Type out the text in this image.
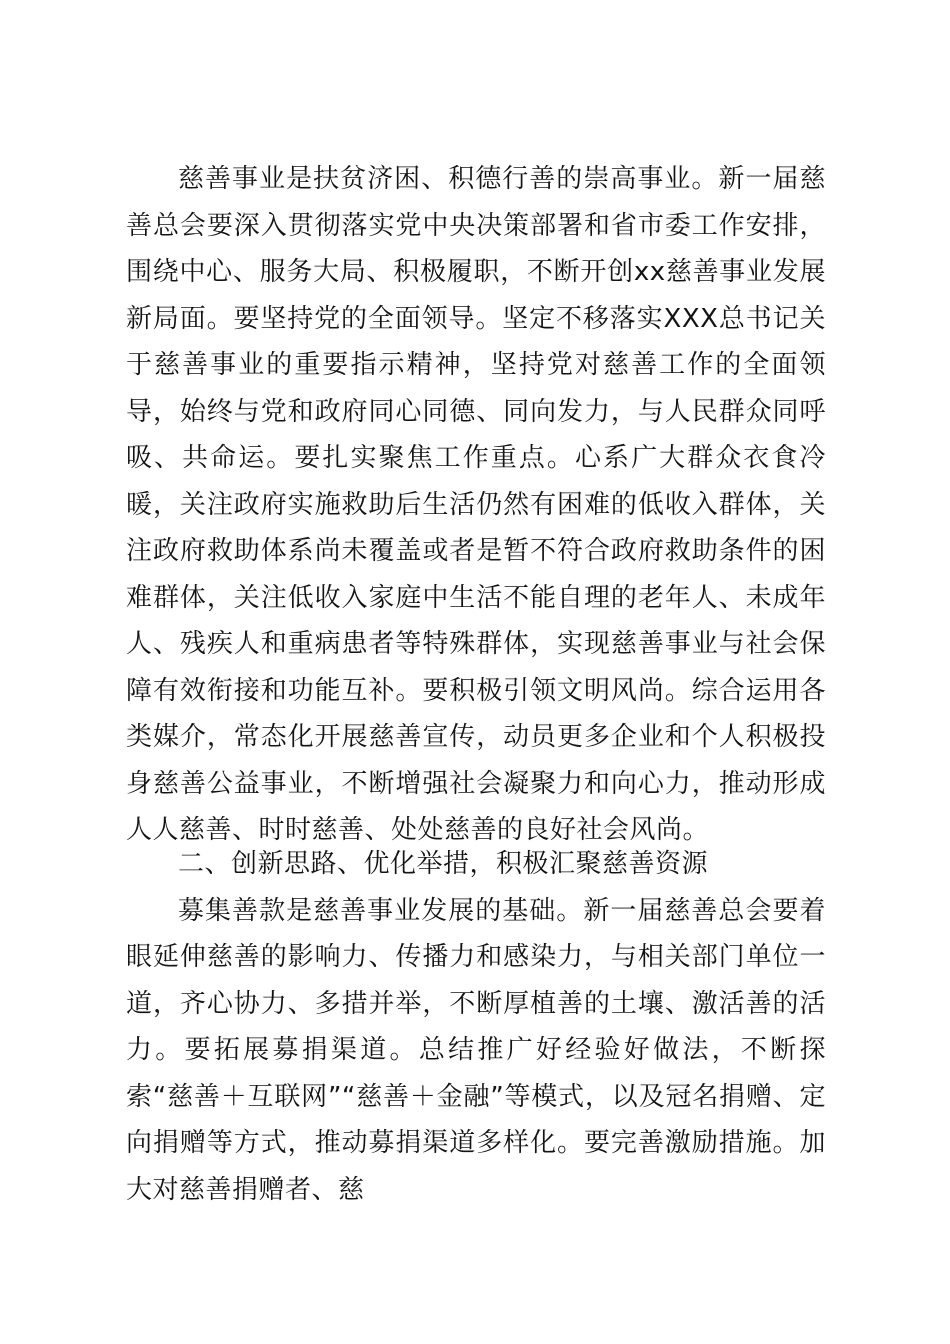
慈善事业是扶贫济困、积德行善的崇高事业。新一届慈善总会要深入贯彻落实党中央决策部署和省市委工作安排，围绕中心、服务大局、积极履职，不断开创xx慈善事业发展新局面。要坚持党的全面领导。坚定不移落实XXX总书记关于慈善事业的重要指示精神，坚持党对慈善工作的全面领导，始终与党和政府同心同德、同向发力，与人民群众同呼吸、共命运。要扎实聚焦工作重点。心系广大群众衣食冷暖，关注政府实施救助后生活仍然有困难的低收入群体，关注政府救助体系尚未覆盖或者是暂不符合政府救助条件的困难群体，关注低收入家庭中生活不能自理的老年人、未成年人、残疾人和重病患者等特殊群体，实现慈善事业与社会保障有效衔接和功能互补。要积极引领文明风尚。综合运用各类媒介，常态化开展慈善宣传，动员更多企业和个人积极投身慈善公益事业，不断增强社会凝聚力和向心力，推动形成人人慈善、时时慈善、处处慈善的良好社会风尚。

二、创新思路、优化举措，积极汇聚慈善资源

募集善款是慈善事业发展的基础。新一届慈善总会要着眼延伸慈善的影响力、传播力和感染力，与相关部门单位一道，齐心协力、多措并举，不断厚植善的土壤、激活善的活力。要拓展募捐渠道。总结推广好经验好做法，不断探索“慈善＋互联网”“慈善＋金融”等模式，以及冠名捐赠、定向捐赠等方式，推动募捐渠道多样化。要完善激励措施。加大对慈善捐赠者、慈
